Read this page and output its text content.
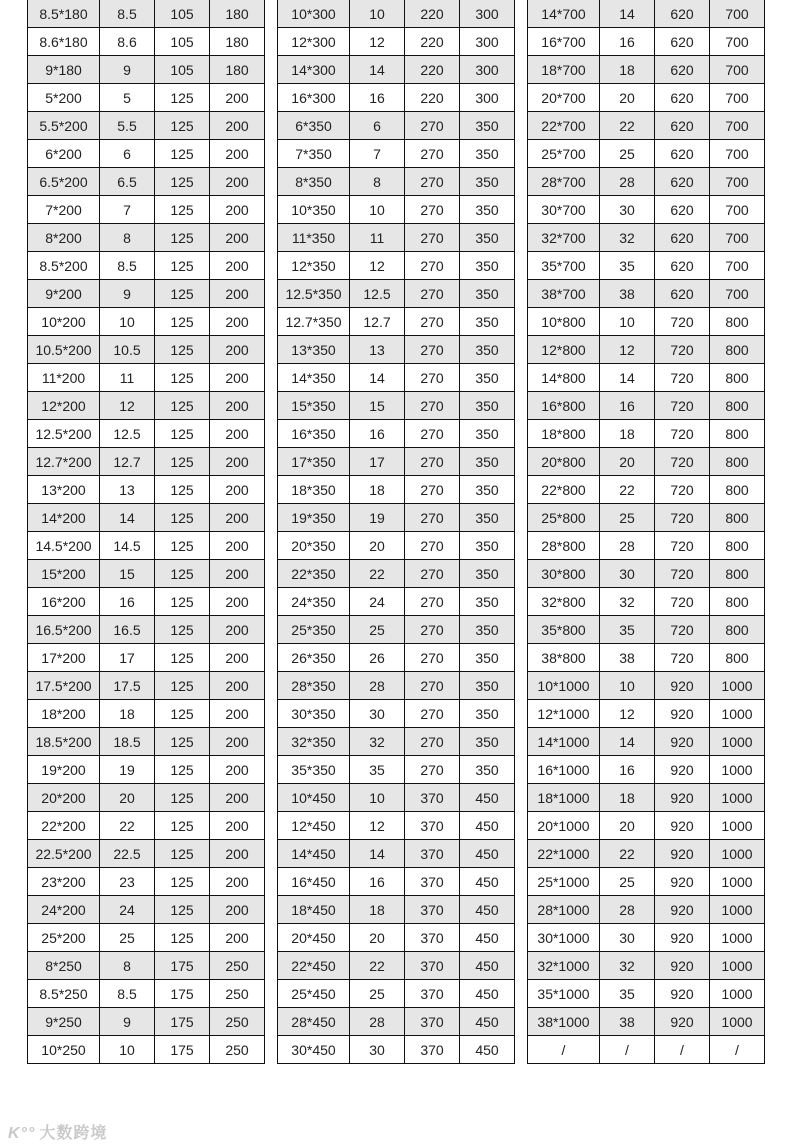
8.5*180	8.5	105	180
8.6*180	8.6	105	180
9*180	9	105	180
5*200	5	125	200
5.5*200	5.5	125	200
6*200	6	125	200
6.5*200	6.5	125	200
7*200	7	125	200
8*200	8	125	200
8.5*200	8.5	125	200
9*200	9	125	200
10*200	10	125	200
10.5*200	10.5	125	200
11*200	11	125	200
12*200	12	125	200
12.5*200	12.5	125	200
12.7*200	12.7	125	200
13*200	13	125	200
14*200	14	125	200
14.5*200	14.5	125	200
15*200	15	125	200
16*200	16	125	200
16.5*200	16.5	125	200
17*200	17	125	200
17.5*200	17.5	125	200
18*200	18	125	200
18.5*200	18.5	125	200
19*200	19	125	200
20*200	20	125	200
22*200	22	125	200
22.5*200	22.5	125	200
23*200	23	125	200
24*200	24	125	200
25*200	25	125	200
8*250	8	175	250
8.5*250	8.5	175	250
9*250	9	175	250
10*250	10	175	250
10*300	10	220	300
12*300	12	220	300
14*300	14	220	300
16*300	16	220	300
6*350	6	270	350
7*350	7	270	350
8*350	8	270	350
10*350	10	270	350
11*350	11	270	350
12*350	12	270	350
12.5*350	12.5	270	350
12.7*350	12.7	270	350
13*350	13	270	350
14*350	14	270	350
15*350	15	270	350
16*350	16	270	350
17*350	17	270	350
18*350	18	270	350
19*350	19	270	350
20*350	20	270	350
22*350	22	270	350
24*350	24	270	350
25*350	25	270	350
26*350	26	270	350
28*350	28	270	350
30*350	30	270	350
32*350	32	270	350
35*350	35	270	350
10*450	10	370	450
12*450	12	370	450
14*450	14	370	450
16*450	16	370	450
18*450	18	370	450
20*450	20	370	450
22*450	22	370	450
25*450	25	370	450
28*450	28	370	450
30*450	30	370	450
14*700	14	620	700
16*700	16	620	700
18*700	18	620	700
20*700	20	620	700
22*700	22	620	700
25*700	25	620	700
28*700	28	620	700
30*700	30	620	700
32*700	32	620	700
35*700	35	620	700
38*700	38	620	700
10*800	10	720	800
12*800	12	720	800
14*800	14	720	800
16*800	16	720	800
18*800	18	720	800
20*800	20	720	800
22*800	22	720	800
25*800	25	720	800
28*800	28	720	800
30*800	30	720	800
32*800	32	720	800
35*800	35	720	800
38*800	38	720	800
10*1000	10	920	1000
12*1000	12	920	1000
14*1000	14	920	1000
16*1000	16	920	1000
18*1000	18	920	1000
20*1000	20	920	1000
22*1000	22	920	1000
25*1000	25	920	1000
28*1000	28	920	1000
30*1000	30	920	1000
32*1000	32	920	1000
35*1000	35	920	1000
38*1000	38	920	1000
/	/	/	/
K°° 大数跨境
